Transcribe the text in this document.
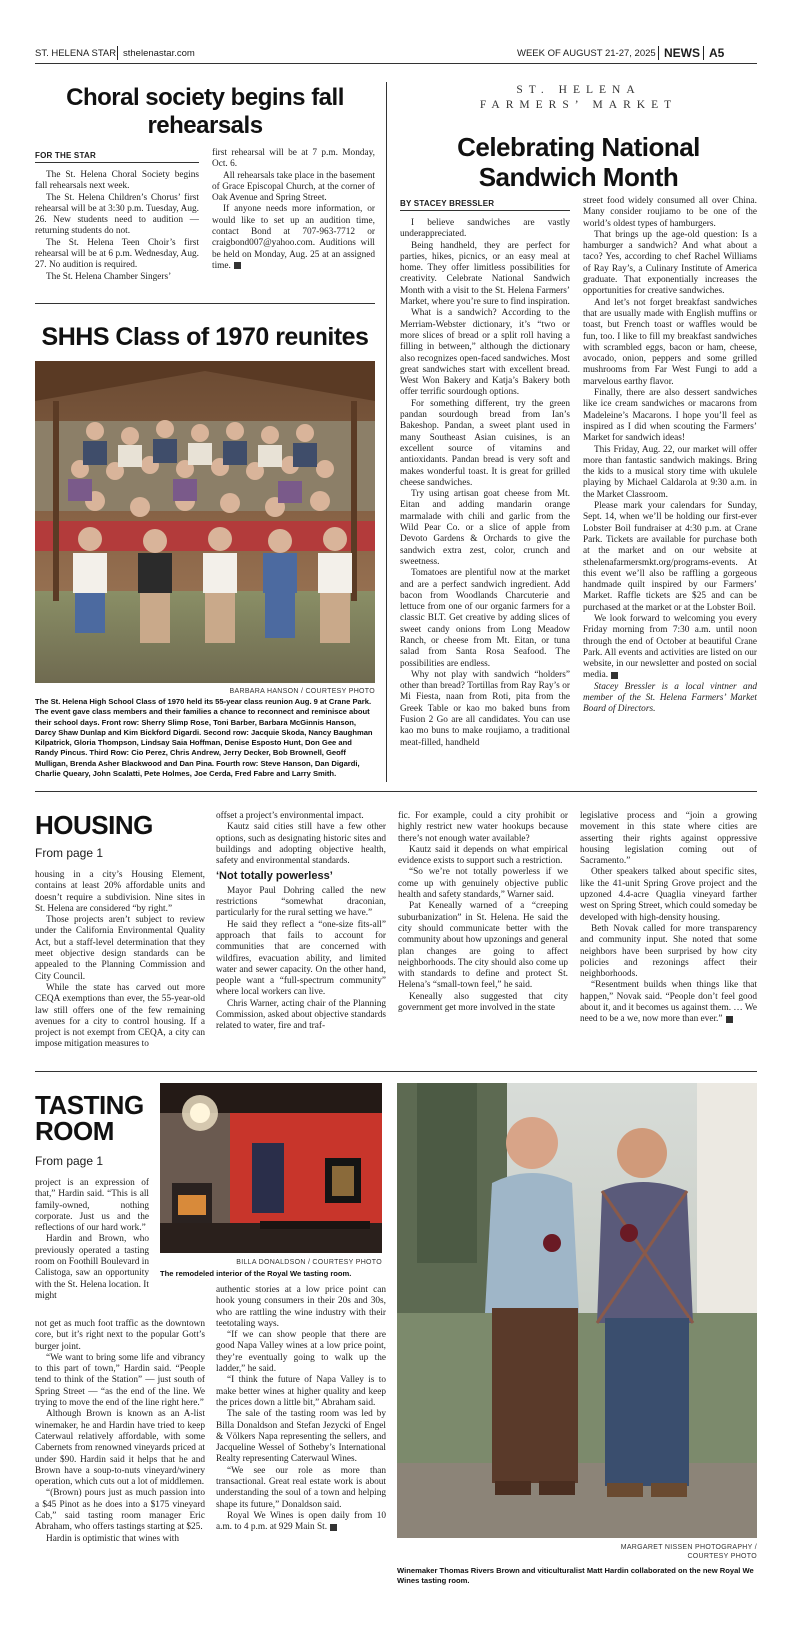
ST. HELENA STAR sthelenastar.com	WEEK OF AUGUST 21-27, 2025 NEWS A5
Choral society begins fall rehearsals
FOR THE STAR

The St. Helena Choral Society begins fall rehearsals next week.

The St. Helena Children’s Chorus’ first rehearsal will be at 3:30 p.m. Tuesday, Aug. 26. New students need to audition — returning students do not.

The St. Helena Teen Choir’s first rehearsal will be at 6 p.m. Wednesday, Aug. 27. No audition is required.

The St. Helena Chamber Singers’

first rehearsal will be at 7 p.m. Monday, Oct. 6.

All rehearsals take place in the basement of Grace Episcopal Church, at the corner of Oak Avenue and Spring Street.

If anyone needs more information, or would like to set up an audition time, contact Bond at 707-963-7712 or craigbond007@yahoo.com. Auditions will be held on Monday, Aug. 25 at an assigned time.

SHHS Class of 1970 reunites
BARBARA HANSON / COURTESY PHOTO
The St. Helena High School Class of 1970 held its 55-year class reunion Aug. 9 at Crane Park. The event gave class members and their families a chance to reconnect and reminisce about their school days. Front row: Sherry Slimp Rose, Toni Barber, Barbara McGinnis Hanson, Darcy Shaw Dunlap and Kim Bickford Digardi. Second row: Jacquie Skoda, Nancy Baughman Kilpatrick, Gloria Thompson, Lindsay Saia Hoffman, Denise Esposto Hunt, Don Gee and Randy Pincus. Third Row: Cio Perez, Chris Andrew, Jerry Decker, Bob Brownell, Geoff Mulligan, Brenda Asher Blackwood and Dan Pina. Fourth row: Steve Hanson, Dan Digardi, Charlie Queary, John Scalatti, Pete Holmes, Joe Cerda, Fred Fabre and Larry Smith.
ST. HELENA
FARMERS’ MARKET
Celebrating National Sandwich Month
BY STACEY BRESSLER

I believe sandwiches are vastly underappreciated.

Being handheld, they are perfect for parties, hikes, picnics, or an easy meal at home. They offer limitless possibilities for creativity. Celebrate National Sandwich Month with a visit to the St. Helena Farmers’ Market, where you’re sure to find inspiration.

What is a sandwich? According to the Merriam-Webster dictionary, it’s “two or more slices of bread or a split roll having a filling in between,” although the dictionary also recognizes open-faced sandwiches. Most great sandwiches start with excellent bread. West Won Bakery and Katja’s Bakery both offer terrific sourdough options.

For something different, try the green pandan sourdough bread from Ian’s Bakeshop. Pandan, a sweet plant used in many Southeast Asian cuisines, is an excellent source of vitamins and antioxidants. Pandan bread is very soft and makes wonderful toast. It is great for grilled cheese sandwiches.

Try using artisan goat cheese from Mt. Eitan and adding mandarin orange marmalade with chili and garlic from the Wild Pear Co. or a slice of apple from Devoto Gardens & Orchards to give the sandwich extra zest, color, crunch and sweetness.

Tomatoes are plentiful now at the market and are a perfect sandwich ingredient. Add bacon from Woodlands Charcuterie and lettuce from one of our organic farmers for a classic BLT. Get creative by adding slices of sweet candy onions from Long Meadow Ranch, or cheese from Mt. Eitan, or tuna salad from Santa Rosa Seafood. The possibilities are endless.

Why not play with sandwich “holders” other than bread? Tortillas from Ray Ray’s or Mi Fiesta, naan from Roti, pita from the Greek Table or kao mo baked buns from Fusion 2 Go are all candidates. You can use kao mo buns to make roujiamo, a traditional meat-filled, handheld

street food widely consumed all over China. Many consider roujiamo to be one of the world’s oldest types of hamburgers.

That brings up the age-old question: Is a hamburger a sandwich? And what about a taco? Yes, according to chef Rachel Williams of Ray Ray’s, a Culinary Institute of America graduate. That exponentially increases the opportunities for creative sandwiches.

And let’s not forget breakfast sandwiches that are usually made with English muffins or toast, but French toast or waffles would be fun, too. I like to fill my breakfast sandwiches with scrambled eggs, bacon or ham, cheese, avocado, onion, peppers and some grilled mushrooms from Far West Fungi to add a marvelous earthy flavor.

Finally, there are also dessert sandwiches like ice cream sandwiches or macarons from Madeleine’s Macarons. I hope you’ll feel as inspired as I did when scouting the Farmers’ Market for sandwich ideas!

This Friday, Aug. 22, our market will offer more than fantastic sandwich makings. Bring the kids to a musical story time with ukulele playing by Michael Caldarola at 9:30 a.m. in the Market Classroom.

Please mark your calendars for Sunday, Sept. 14, when we’ll be holding our first-ever Lobster Boil fundraiser at 4:30 p.m. at Crane Park. Tickets are available for purchase both at the market and on our website at sthelenafarmersmkt.org/programs-events. At this event we’ll also be raffling a gorgeous handmade quilt inspired by our Farmers’ Market. Raffle tickets are $25 and can be purchased at the market or at the Lobster Boil.

We look forward to welcoming you every Friday morning from 7:30 a.m. until noon through the end of October at beautiful Crane Park. All events and activities are listed on our website, in our newsletter and posted on social media.

Stacey Bressler is a local vintner and member of the St. Helena Farmers’ Market Board of Directors.

HOUSING
From page 1

housing in a city’s Housing Element, contains at least 20% affordable units and doesn’t require a subdivision. Nine sites in St. Helena are considered “by right.”

Those projects aren’t subject to review under the California Environmental Quality Act, but a staff-level determination that they meet objective design standards can be appealed to the Planning Commission and City Council.

While the state has carved out more CEQA exemptions than ever, the 55-year-old law still offers one of the few remaining avenues for a city to control housing. If a project is not exempt from CEQA, a city can impose mitigation measures to

offset a project’s environmental impact.

Kautz said cities still have a few other options, such as designating historic sites and buildings and adopting objective health, safety and environmental standards.

‘Not totally powerless’

Mayor Paul Dohring called the new restrictions “somewhat draconian, particularly for the rural setting we have.”

He said they reflect a “one-size fits-all” approach that fails to account for communities that are concerned with wildfires, evacuation ability, and limited water and sewer capacity. On the other hand, people want a “full-spectrum community” where local workers can live.

Chris Warner, acting chair of the Planning Commission, asked about objective standards related to water, fire and traf-

fic. For example, could a city prohibit or highly restrict new water hookups because there’s not enough water available?

Kautz said it depends on what empirical evidence exists to support such a restriction.

“So we’re not totally powerless if we come up with genuinely objective public health and safety standards,” Warner said.

Pat Keneally warned of a “creeping suburbanization” in St. Helena. He said the city should communicate better with the community about how upzonings and general plan changes are going to affect neighborhoods. The city should also come up with standards to define and protect St. Helena’s “small-town feel,” he said.

Keneally also suggested that city government get more involved in the state

legislative process and “join a growing movement in this state where cities are asserting their rights against oppressive housing legislation coming out of Sacramento.”

Other speakers talked about specific sites, like the 41-unit Spring Grove project and the upzoned 4.4-acre Quaglia vineyard farther west on Spring Street, which could someday be developed with high-density housing.

Beth Novak called for more transparency and community input. She noted that some neighbors have been surprised by how city policies and rezonings affect their neighborhoods.

“Resentment builds when things like that happen,” Novak said. “People don’t feel good about it, and it becomes us against them. … We need to be a we, now more than ever.”

TASTING
ROOM
From page 1

project is an expression of that,” Hardin said. “This is all family-owned, nothing corporate. Just us and the reflections of our hard work.”

Hardin and Brown, who previously operated a tasting room on Foothill Boulevard in Calistoga, saw an opportunity with the St. Helena location. It might

not get as much foot traffic as the downtown core, but it’s right next to the popular Gott’s burger joint.

“We want to bring some life and vibrancy to this part of town,” Hardin said. “People tend to think of the Station” — just south of Spring Street — “as the end of the line. We trying to move the end of the line right here.”

Although Brown is known as an A-list winemaker, he and Hardin have tried to keep Caterwaul relatively affordable, with some Cabernets from renowned vineyards priced at under $90. Hardin said it helps that he and Brown have a soup-to-nuts vineyard/winery operation, which cuts out a lot of middlemen.

“(Brown) pours just as much passion into a $45 Pinot as he does into a $175 vineyard Cab,” said tasting room manager Eric Abraham, who offers tastings starting at $25.

Hardin is optimistic that wines with

BILLA DONALDSON / COURTESY PHOTO
The remodeled interior of the Royal We tasting room.

authentic stories at a low price point can hook young consumers in their 20s and 30s, who are rattling the wine industry with their teetotaling ways.

“If we can show people that there are good Napa Valley wines at a low price point, they’re eventually going to walk up the ladder,” he said.

“I think the future of Napa Valley is to make better wines at higher quality and keep the prices down a little bit,” Abraham said.

The sale of the tasting room was led by Billa Donaldson and Stefan Jezycki of Engel & Völkers Napa representing the sellers, and Jacqueline Wessel of Sotheby’s International Realty representing Caterwaul Wines.

“We see our role as more than transactional. Great real estate work is about understanding the soul of a town and helping shape its future,” Donaldson said.

Royal We Wines is open daily from 10 a.m. to 4 p.m. at 929 Main St.

MARGARET NISSEN PHOTOGRAPHY /
COURTESY PHOTO
Winemaker Thomas Rivers Brown and viticulturalist Matt Hardin collaborated on the new Royal We Wines tasting room.
